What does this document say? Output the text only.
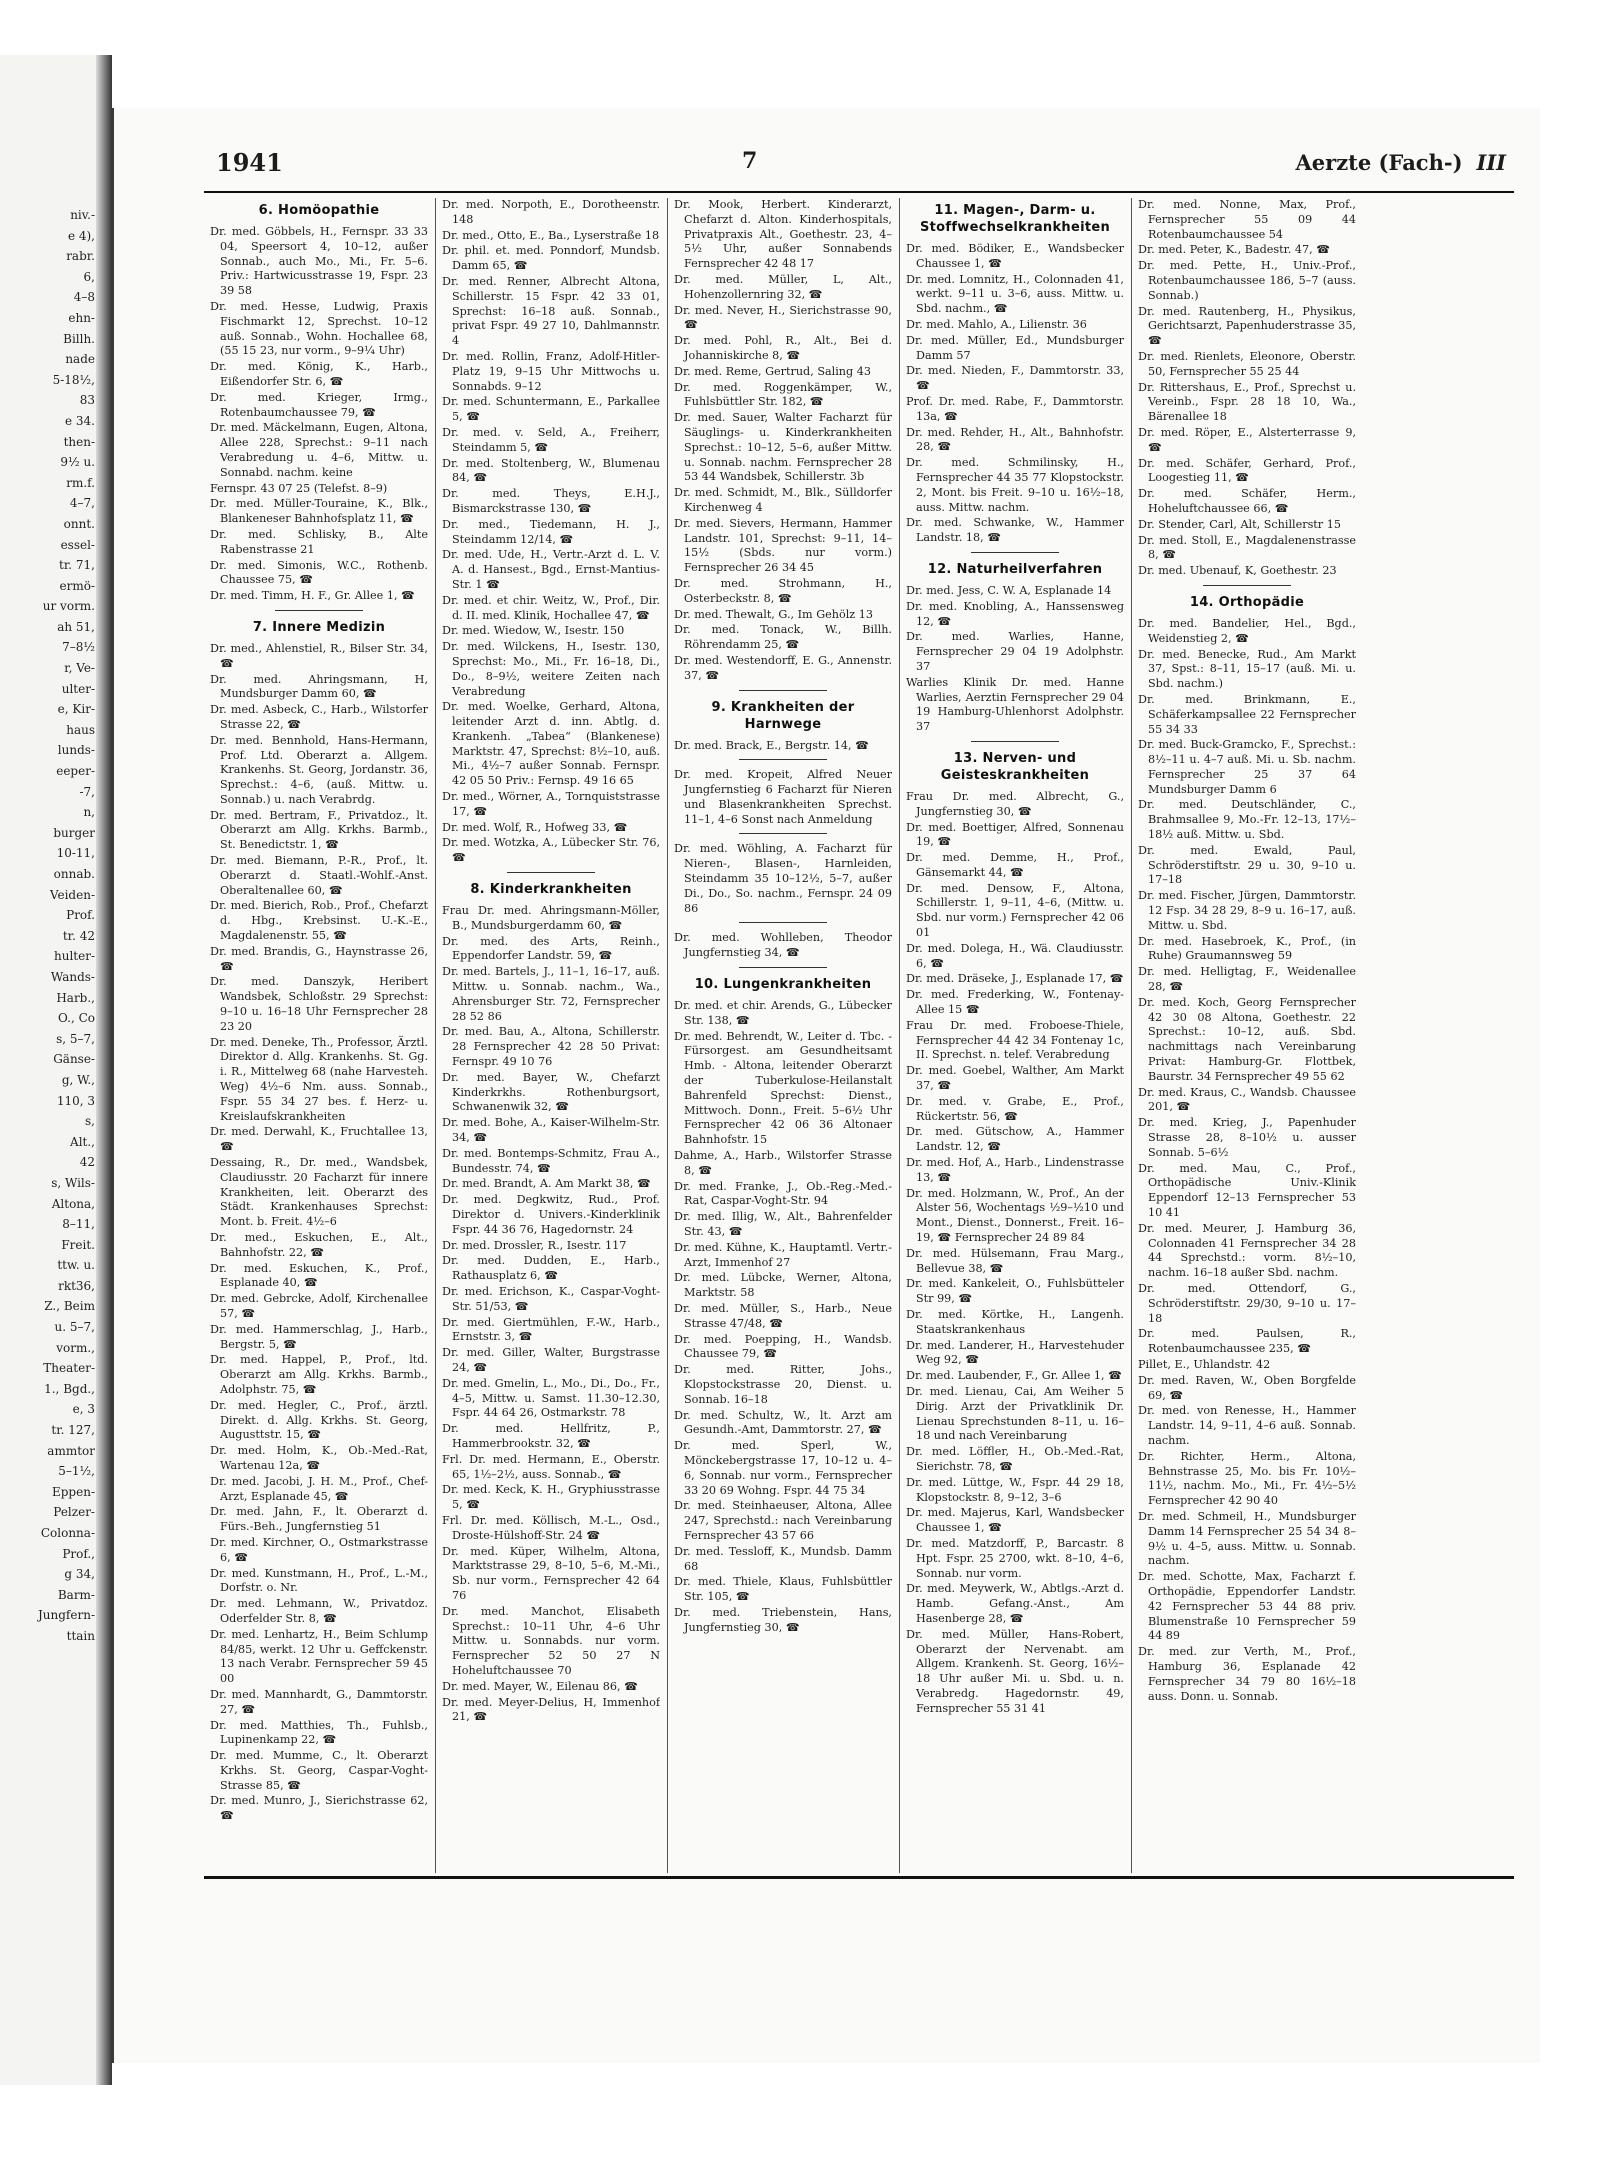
niv.-
e 4),
rabr.
6,
4–8
ehn-
Billh.
nade
5-18½,
83
e 34.
then-
9½ u.
rm.f.
4–7,
onnt.
essel-
tr. 71,
ermö-
ur vorm.
ah 51,
7–8½
r, Ve-
ulter-
e, Kir-
haus
lunds-
eeper-
-7,
n,
burger
10-11,
onnab.
Veiden-
Prof.
tr. 42
hulter-
Wands-
Harb.,
O., Co
s, 5–7,
Gänse-
g, W.,
110, 3
s,
Alt.,
42
s, Wils-
Altona,
8–11,
Freit.
ttw. u.
rkt36,
Z., Beim
u. 5–7,
vorm.,
Theater-
1., Bgd.,
e, 3
tr. 127,
ammtor
5–1½,
Eppen-
Pelzer-
Colonna-
Prof.,
g 34,
Barm-
Jungfern-
ttain
1941	7	Aerzte (Fach-) III
6. Homöopathie
Dr. med. Göbbels, H., Fernspr. 33 33 04, Speersort 4, 10–12, außer Sonnab., auch Mo., Mi., Fr. 5–6. Priv.: Hartwicusstrasse 19, Fspr. 23 39 58
Dr. med. Hesse, Ludwig, Praxis Fischmarkt 12, Sprechst. 10–12 auß. Sonnab., Wohn. Hochallee 68, (55 15 23, nur vorm., 9–9¼ Uhr)
Dr. med. König, K., Harb., Eißendorfer Str. 6, ☎
Dr. med. Krieger, Irmg., Rotenbaumchaussee 79, ☎
Dr. med. Mäckelmann, Eugen, Altona, Allee 228, Sprechst.: 9–11 nach Verabredung u. 4–6, Mittw. u. Sonnabd. nachm. keine
Fernspr. 43 07 25 (Telefst. 8–9)
Dr. med. Müller-Touraine, K., Blk., Blankeneser Bahnhofsplatz 11, ☎
Dr. med. Schlisky, B., Alte Rabenstrasse 21
Dr. med. Simonis, W.C., Rothenb. Chaussee 75, ☎
Dr. med. Timm, H. F., Gr. Allee 1, ☎
7. Innere Medizin
Dr. med., Ahlenstiel, R., Bilser Str. 34, ☎
Dr. med. Ahringsmann, H, Mundsburger Damm 60, ☎
Dr. med. Asbeck, C., Harb., Wilstorfer Strasse 22, ☎
Dr. med. Bennhold, Hans-Hermann, Prof. Ltd. Oberarzt a. Allgem. Krankenhs. St. Georg, Jordanstr. 36, Sprechst.: 4–6, (auß. Mittw. u. Sonnab.) u. nach Verabrdg.
Dr. med. Bertram, F., Privatdoz., lt. Oberarzt am Allg. Krkhs. Barmb., St. Benedictstr. 1, ☎
Dr. med. Biemann, P.-R., Prof., lt. Oberarzt d. Staatl.-Wohlf.-Anst. Oberaltenallee 60, ☎
Dr. med. Bierich, Rob., Prof., Chefarzt d. Hbg., Krebsinst. U.-K.-E., Magdalenenstr. 55, ☎
Dr. med. Brandis, G., Haynstrasse 26, ☎
Dr. med. Danszyk, Heribert Wandsbek, Schloßstr. 29 Sprechst: 9–10 u. 16–18 Uhr Fernsprecher 28 23 20
Dr. med. Deneke, Th., Professor, Ärztl. Direktor d. Allg. Krankenhs. St. Gg. i. R., Mittelweg 68 (nahe Harvesteh. Weg) 4½–6 Nm. auss. Sonnab., Fspr. 55 34 27 bes. f. Herz- u. Kreislaufskrankheiten
Dr. med. Derwahl, K., Fruchtallee 13, ☎
Dessaing, R., Dr. med., Wandsbek, Claudiusstr. 20 Facharzt für innere Krankheiten, leit. Oberarzt des Städt. Krankenhauses Sprechst: Mont. b. Freit. 4½–6
Dr. med., Eskuchen, E., Alt., Bahnhofstr. 22, ☎
Dr. med. Eskuchen, K., Prof., Esplanade 40, ☎
Dr. med. Gebrcke, Adolf, Kirchenallee 57, ☎
Dr. med. Hammerschlag, J., Harb., Bergstr. 5, ☎
Dr. med. Happel, P., Prof., ltd. Oberarzt am Allg. Krkhs. Barmb., Adolphstr. 75, ☎
Dr. med. Hegler, C., Prof., ärztl. Direkt. d. Allg. Krkhs. St. Georg, Augusttstr. 15, ☎
Dr. med. Holm, K., Ob.-Med.-Rat, Wartenau 12a, ☎
Dr. med. Jacobi, J. H. M., Prof., Chef-Arzt, Esplanade 45, ☎
Dr. med. Jahn, F., lt. Oberarzt d. Fürs.-Beh., Jungfernstieg 51
Dr. med. Kirchner, O., Ostmarkstrasse 6, ☎
Dr. med. Kunstmann, H., Prof., L.-M., Dorfstr. o. Nr.
Dr. med. Lehmann, W., Privatdoz. Oderfelder Str. 8, ☎
Dr. med. Lenhartz, H., Beim Schlump 84/85, werkt. 12 Uhr u. Geffckenstr. 13 nach Verabr. Fernsprecher 59 45 00
Dr. med. Mannhardt, G., Dammtorstr. 27, ☎
Dr. med. Matthies, Th., Fuhlsb., Lupinenkamp 22, ☎
Dr. med. Mumme, C., lt. Oberarzt Krkhs. St. Georg, Caspar-Voght-Strasse 85, ☎
Dr. med. Munro, J., Sierichstrasse 62, ☎
Dr. med. Norpoth, E., Dorotheenstr. 148
Dr. med., Otto, E., Ba., Lyserstraße 18
Dr. phil. et. med. Ponndorf, Mundsb. Damm 65, ☎
Dr. med. Renner, Albrecht Altona, Schillerstr. 15 Fspr. 42 33 01, Sprechst: 16–18 auß. Sonnab., privat Fspr. 49 27 10, Dahlmannstr. 4
Dr. med. Rollin, Franz, Adolf-Hitler-Platz 19, 9–15 Uhr Mittwochs u. Sonnabds. 9–12
Dr. med. Schuntermann, E., Parkallee 5, ☎
Dr. med. v. Seld, A., Freiherr, Steindamm 5, ☎
Dr. med. Stoltenberg, W., Blumenau 84, ☎
Dr. med. Theys, E.H.J., Bismarckstrasse 130, ☎
Dr. med., Tiedemann, H. J., Steindamm 12/14, ☎
Dr. med. Ude, H., Vertr.-Arzt d. L. V. A. d. Hansest., Bgd., Ernst-Mantius-Str. 1 ☎
Dr. med. et chir. Weitz, W., Prof., Dir. d. II. med. Klinik, Hochallee 47, ☎
Dr. med. Wiedow, W., Isestr. 150
Dr. med. Wilckens, H., Isestr. 130, Sprechst: Mo., Mi., Fr. 16–18, Di., Do., 8–9½, weitere Zeiten nach Verabredung
Dr. med. Woelke, Gerhard, Altona, leitender Arzt d. inn. Abtlg. d. Krankenh. „Tabea“ (Blankenese) Marktstr. 47, Sprechst: 8½–10, auß. Mi., 4½–7 außer Sonnab. Fernspr. 42 05 50 Priv.: Fernsp. 49 16 65
Dr. med., Wörner, A., Tornquiststrasse 17, ☎
Dr. med. Wolf, R., Hofweg 33, ☎
Dr. med. Wotzka, A., Lübecker Str. 76, ☎
8. Kinderkrankheiten
Frau Dr. med. Ahringsmann-Möller, B., Mundsburgerdamm 60, ☎
Dr. med. des Arts, Reinh., Eppendorfer Landstr. 59, ☎
Dr. med. Bartels, J., 11–1, 16–17, auß. Mittw. u. Sonnab. nachm., Wa., Ahrensburger Str. 72, Fernsprecher 28 52 86
Dr. med. Bau, A., Altona, Schillerstr. 28 Fernsprecher 42 28 50 Privat: Fernspr. 49 10 76
Dr. med. Bayer, W., Chefarzt Kinderkrkhs. Rothenburgsort, Schwanenwik 32, ☎
Dr. med. Bohe, A., Kaiser-Wilhelm-Str. 34, ☎
Dr. med. Bontemps-Schmitz, Frau A., Bundesstr. 74, ☎
Dr. med. Brandt, A. Am Markt 38, ☎
Dr. med. Degkwitz, Rud., Prof. Direktor d. Univers.-Kinderklinik Fspr. 44 36 76, Hagedornstr. 24
Dr. med. Drossler, R., Isestr. 117
Dr. med. Dudden, E., Harb., Rathausplatz 6, ☎
Dr. med. Erichson, K., Caspar-Voght-Str. 51/53, ☎
Dr. med. Giertmühlen, F.-W., Harb., Ernststr. 3, ☎
Dr. med. Giller, Walter, Burgstrasse 24, ☎
Dr. med. Gmelin, L., Mo., Di., Do., Fr., 4–5, Mittw. u. Samst. 11.30–12.30, Fspr. 44 64 26, Ostmarkstr. 78
Dr. med. Hellfritz, P., Hammerbrookstr. 32, ☎
Frl. Dr. med. Hermann, E., Oberstr. 65, 1½–2½, auss. Sonnab., ☎
Dr. med. Keck, K. H., Gryphiusstrasse 5, ☎
Frl. Dr. med. Köllisch, M.-L., Osd., Droste-Hülshoff-Str. 24 ☎
Dr. med. Küper, Wilhelm, Altona, Marktstrasse 29, 8–10, 5–6, M.-Mi., Sb. nur vorm., Fernsprecher 42 64 76
Dr. med. Manchot, Elisabeth Sprechst.: 10–11 Uhr, 4–6 Uhr Mittw. u. Sonnabds. nur vorm. Fernsprecher 52 50 27 N Hoheluftchaussee 70
Dr. med. Mayer, W., Eilenau 86, ☎
Dr. med. Meyer-Delius, H, Immenhof 21, ☎
Dr. Mook, Herbert. Kinderarzt, Chefarzt d. Alton. Kinderhospitals, Privatpraxis Alt., Goethestr. 23, 4–5½ Uhr, außer Sonnabends Fernsprecher 42 48 17
Dr. med. Müller, L, Alt., Hohenzollernring 32, ☎
Dr. med. Never, H., Sierichstrasse 90, ☎
Dr. med. Pohl, R., Alt., Bei d. Johanniskirche 8, ☎
Dr. med. Reme, Gertrud, Saling 43
Dr. med. Roggenkämper, W., Fuhlsbüttler Str. 182, ☎
Dr. med. Sauer, Walter Facharzt für Säuglings- u. Kinderkrankheiten Sprechst.: 10–12, 5–6, außer Mittw. u. Sonnab. nachm. Fernsprecher 28 53 44 Wandsbek, Schillerstr. 3b
Dr. med. Schmidt, M., Blk., Sülldorfer Kirchenweg 4
Dr. med. Sievers, Hermann, Hammer Landstr. 101, Sprechst: 9–11, 14–15½ (Sbds. nur vorm.) Fernsprecher 26 34 45
Dr. med. Strohmann, H., Osterbeckstr. 8, ☎
Dr. med. Thewalt, G., Im Gehölz 13
Dr. med. Tonack, W., Billh. Röhrendamm 25, ☎
Dr. med. Westendorff, E. G., Annenstr. 37, ☎
9. Krankheiten der Harnwege
Dr. med. Brack, E., Bergstr. 14, ☎
Dr. med. Kropeit, Alfred Neuer Jungfernstieg 6 Facharzt für Nieren und Blasenkrankheiten Sprechst. 11–1, 4–6 Sonst nach Anmeldung
Dr. med. Wöhling, A. Facharzt für Nieren-, Blasen-, Harnleiden, Steindamm 35 10–12½, 5–7, außer Di., Do., So. nachm., Fernspr. 24 09 86
Dr. med. Wohlleben, Theodor Jungfernstieg 34, ☎
10. Lungenkrankheiten
Dr. med. et chir. Arends, G., Lübecker Str. 138, ☎
Dr. med. Behrendt, W., Leiter d. Tbc. - Fürsorgest. am Gesundheitsamt Hmb. - Altona, leitender Oberarzt der Tuberkulose-Heilanstalt Bahrenfeld Sprechst: Dienst., Mittwoch. Donn., Freit. 5–6½ Uhr Fernsprecher 42 06 36 Altonaer Bahnhofstr. 15
Dahme, A., Harb., Wilstorfer Strasse 8, ☎
Dr. med. Franke, J., Ob.-Reg.-Med.-Rat, Caspar-Voght-Str. 94
Dr. med. Illig, W., Alt., Bahrenfelder Str. 43, ☎
Dr. med. Kühne, K., Hauptamtl. Vertr.-Arzt, Immenhof 27
Dr. med. Lübcke, Werner, Altona, Marktstr. 58
Dr. med. Müller, S., Harb., Neue Strasse 47/48, ☎
Dr. med. Poepping, H., Wandsb. Chaussee 79, ☎
Dr. med. Ritter, Johs., Klopstockstrasse 20, Dienst. u. Sonnab. 16–18
Dr. med. Schultz, W., lt. Arzt am Gesundh.-Amt, Dammtorstr. 27, ☎
Dr. med. Sperl, W., Mönckebergstrasse 17, 10–12 u. 4–6, Sonnab. nur vorm., Fernsprecher 33 20 69 Wohng. Fspr. 44 75 34
Dr. med. Steinhaeuser, Altona, Allee 247, Sprechstd.: nach Vereinbarung Fernsprecher 43 57 66
Dr. med. Tessloff, K., Mundsb. Damm 68
Dr. med. Thiele, Klaus, Fuhlsbüttler Str. 105, ☎
Dr. med. Triebenstein, Hans, Jungfernstieg 30, ☎
11. Magen-, Darm- u. Stoffwechselkrankheiten
Dr. med. Bödiker, E., Wandsbecker Chaussee 1, ☎
Dr. med. Lomnitz, H., Colonnaden 41, werkt. 9–11 u. 3–6, auss. Mittw. u. Sbd. nachm., ☎
Dr. med. Mahlo, A., Lilienstr. 36
Dr. med. Müller, Ed., Mundsburger Damm 57
Dr. med. Nieden, F., Dammtorstr. 33, ☎
Prof. Dr. med. Rabe, F., Dammtorstr. 13a, ☎
Dr. med. Rehder, H., Alt., Bahnhofstr. 28, ☎
Dr. med. Schmilinsky, H., Fernsprecher 44 35 77 Klopstockstr. 2, Mont. bis Freit. 9–10 u. 16½–18, auss. Mittw. nachm.
Dr. med. Schwanke, W., Hammer Landstr. 18, ☎
12. Naturheilverfahren
Dr. med. Jess, C. W. A, Esplanade 14
Dr. med. Knobling, A., Hanssensweg 12, ☎
Dr. med. Warlies, Hanne, Fernsprecher 29 04 19 Adolphstr. 37
Warlies Klinik Dr. med. Hanne Warlies, Aerztin Fernsprecher 29 04 19 Hamburg-Uhlenhorst Adolphstr. 37
13. Nerven- und Geisteskrankheiten
Frau Dr. med. Albrecht, G., Jungfernstieg 30, ☎
Dr. med. Boettiger, Alfred, Sonnenau 19, ☎
Dr. med. Demme, H., Prof., Gänsemarkt 44, ☎
Dr. med. Densow, F., Altona, Schillerstr. 1, 9–11, 4–6, (Mittw. u. Sbd. nur vorm.) Fernsprecher 42 06 01
Dr. med. Dolega, H., Wä. Claudiusstr. 6, ☎
Dr. med. Dräseke, J., Esplanade 17, ☎
Dr. med. Frederking, W., Fontenay-Allee 15 ☎
Frau Dr. med. Froboese-Thiele, Fernsprecher 44 42 34 Fontenay 1c, II. Sprechst. n. telef. Verabredung
Dr. med. Goebel, Walther, Am Markt 37, ☎
Dr. med. v. Grabe, E., Prof., Rückertstr. 56, ☎
Dr. med. Gütschow, A., Hammer Landstr. 12, ☎
Dr. med. Hof, A., Harb., Lindenstrasse 13, ☎
Dr. med. Holzmann, W., Prof., An der Alster 56, Wochentags ½9–½10 und Mont., Dienst., Donnerst., Freit. 16–19, ☎ Fernsprecher 24 89 84
Dr. med. Hülsemann, Frau Marg., Bellevue 38, ☎
Dr. med. Kankeleit, O., Fuhlsbütteler Str 99, ☎
Dr. med. Körtke, H., Langenh. Staatskrankenhaus
Dr. med. Landerer, H., Harvestehuder Weg 92, ☎
Dr. med. Laubender, F., Gr. Allee 1, ☎
Dr. med. Lienau, Cai, Am Weiher 5 Dirig. Arzt der Privatklinik Dr. Lienau Sprechstunden 8–11, u. 16–18 und nach Vereinbarung
Dr. med. Löffler, H., Ob.-Med.-Rat, Sierichstr. 78, ☎
Dr. med. Lüttge, W., Fspr. 44 29 18, Klopstockstr. 8, 9–12, 3–6
Dr. med. Majerus, Karl, Wandsbecker Chaussee 1, ☎
Dr. med. Matzdorff, P., Barcastr. 8 Hpt. Fspr. 25 2700, wkt. 8–10, 4–6, Sonnab. nur vorm.
Dr. med. Meywerk, W., Abtlgs.-Arzt d. Hamb. Gefang.-Anst., Am Hasenberge 28, ☎
Dr. med. Müller, Hans-Robert, Oberarzt der Nervenabt. am Allgem. Krankenh. St. Georg, 16½–18 Uhr außer Mi. u. Sbd. u. n. Verabredg. Hagedornstr. 49, Fernsprecher 55 31 41
Dr. med. Nonne, Max, Prof., Fernsprecher 55 09 44 Rotenbaumchaussee 54
Dr. med. Peter, K., Badestr. 47, ☎
Dr. med. Pette, H., Univ.-Prof., Rotenbaumchaussee 186, 5–7 (auss. Sonnab.)
Dr. med. Rautenberg, H., Physikus, Gerichtsarzt, Papenhuderstrasse 35, ☎
Dr. med. Rienlets, Eleonore, Oberstr. 50, Fernsprecher 55 25 44
Dr. Rittershaus, E., Prof., Sprechst u. Vereinb., Fspr. 28 18 10, Wa., Bärenallee 18
Dr. med. Röper, E., Alsterterrasse 9, ☎
Dr. med. Schäfer, Gerhard, Prof., Loogestieg 11, ☎
Dr. med. Schäfer, Herm., Hoheluftchaussee 66, ☎
Dr. Stender, Carl, Alt, Schillerstr 15
Dr. med. Stoll, E., Magdalenenstrasse 8, ☎
Dr. med. Ubenauf, K, Goethestr. 23
14. Orthopädie
Dr. med. Bandelier, Hel., Bgd., Weidenstieg 2, ☎
Dr. med. Benecke, Rud., Am Markt 37, Spst.: 8–11, 15–17 (auß. Mi. u. Sbd. nachm.)
Dr. med. Brinkmann, E., Schäferkampsallee 22 Fernsprecher 55 34 33
Dr. med. Buck-Gramcko, F., Sprechst.: 8½–11 u. 4–7 auß. Mi. u. Sb. nachm. Fernsprecher 25 37 64 Mundsburger Damm 6
Dr. med. Deutschländer, C., Brahmsallee 9, Mo.-Fr. 12–13, 17½–18½ auß. Mittw. u. Sbd.
Dr. med. Ewald, Paul, Schröderstiftstr. 29 u. 30, 9–10 u. 17–18
Dr. med. Fischer, Jürgen, Dammtorstr. 12 Fsp. 34 28 29, 8–9 u. 16–17, auß. Mittw. u. Sbd.
Dr. med. Hasebroek, K., Prof., (in Ruhe) Graumannsweg 59
Dr. med. Helligtag, F., Weidenallee 28, ☎
Dr. med. Koch, Georg Fernsprecher 42 30 08 Altona, Goethestr. 22 Sprechst.: 10–12, auß. Sbd. nachmittags nach Vereinbarung Privat: Hamburg-Gr. Flottbek, Baurstr. 34 Fernsprecher 49 55 62
Dr. med. Kraus, C., Wandsb. Chaussee 201, ☎
Dr. med. Krieg, J., Papenhuder Strasse 28, 8–10½ u. ausser Sonnab. 5–6½
Dr. med. Mau, C., Prof., Orthopädische Univ.-Klinik Eppendorf 12–13 Fernsprecher 53 10 41
Dr. med. Meurer, J. Hamburg 36, Colonnaden 41 Fernsprecher 34 28 44 Sprechstd.: vorm. 8½–10, nachm. 16–18 außer Sbd. nachm.
Dr. med. Ottendorf, G., Schröderstiftstr. 29/30, 9–10 u. 17–18
Dr. med. Paulsen, R., Rotenbaumchaussee 235, ☎
Pillet, E., Uhlandstr. 42
Dr. med. Raven, W., Oben Borgfelde 69, ☎
Dr. med. von Renesse, H., Hammer Landstr. 14, 9–11, 4–6 auß. Sonnab. nachm.
Dr. Richter, Herm., Altona, Behnstrasse 25, Mo. bis Fr. 10½–11½, nachm. Mo., Mi., Fr. 4½–5½ Fernsprecher 42 90 40
Dr. med. Schmeil, H., Mundsburger Damm 14 Fernsprecher 25 54 34 8–9½ u. 4–5, auss. Mittw. u. Sonnab. nachm.
Dr. med. Schotte, Max, Facharzt f. Orthopädie, Eppendorfer Landstr. 42 Fernsprecher 53 44 88 priv. Blumenstraße 10 Fernsprecher 59 44 89
Dr. med. zur Verth, M., Prof., Hamburg 36, Esplanade 42 Fernsprecher 34 79 80 16½–18 auss. Donn. u. Sonnab.
